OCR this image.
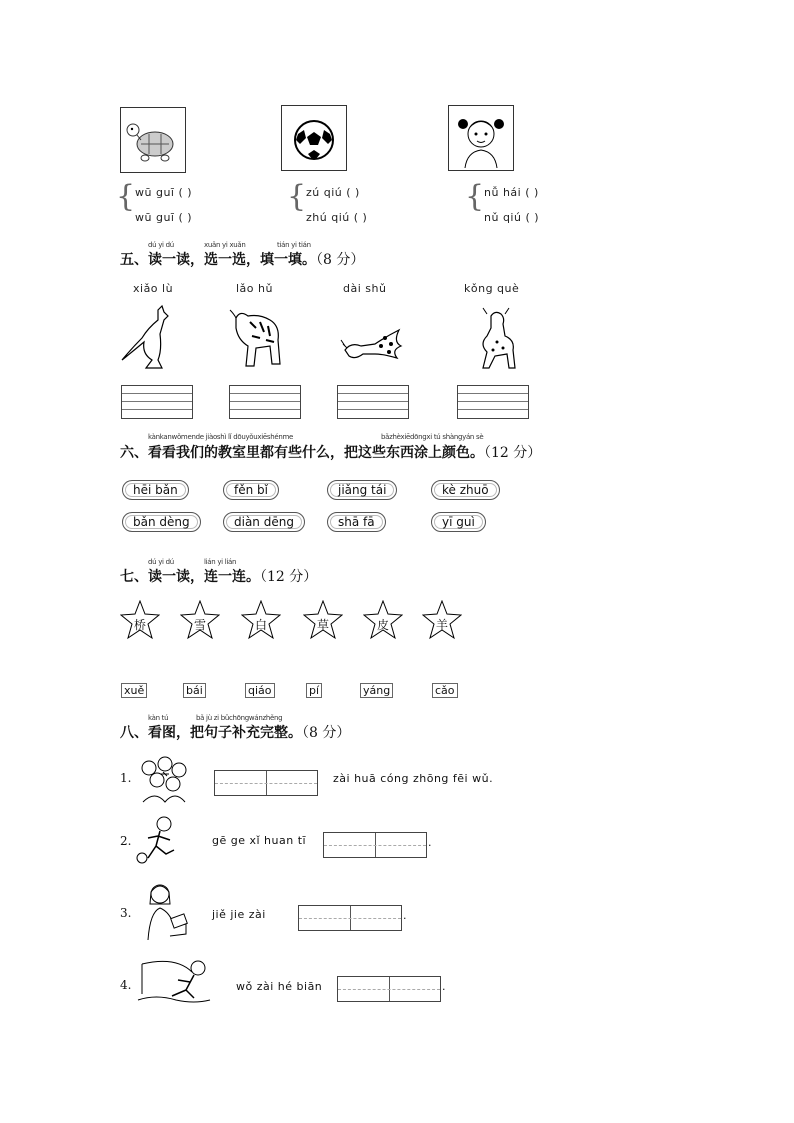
{ wū guī ( )
wū guī ( )
{ zú qiú ( )
zhú qiú ( )
{ nǚ hái ( )
nǔ qiú ( )
dú yi dú	xuǎn yi xuǎn	tián yi tián
五、读一读，选一选，填一填。（8 分）
xiǎo lù	lǎo hǔ	dài shǔ	kǒng què
kànkanwǒmende jiàoshì lǐ dōuyǒuxiēshénme	bǎzhèxiēdōngxi tú shàngyán sè
六、看看我们的教室里都有些什么，把这些东西涂上颜色。（12 分）
hēi bǎn	fěn bǐ	jiǎng tái	kè zhuō
bǎn dèng	diàn dēng	shā fā	yī guì
dú yi dú	lián yi lián
七、读一读，连一连。（12 分）
桥	雪	白	草	皮	羊
xuě	bái	qiáo	pí	yáng	cǎo
kàn tú	bǎ jù zi bǔchōngwánzhěng
八、看图，把句子补充完整。（8 分）
1.	zài huā cóng zhōng fēi wǔ.
2.	gē ge xǐ huan tī	.
3.	jiě jie zài	.
4.	wǒ zài hé biān	.
